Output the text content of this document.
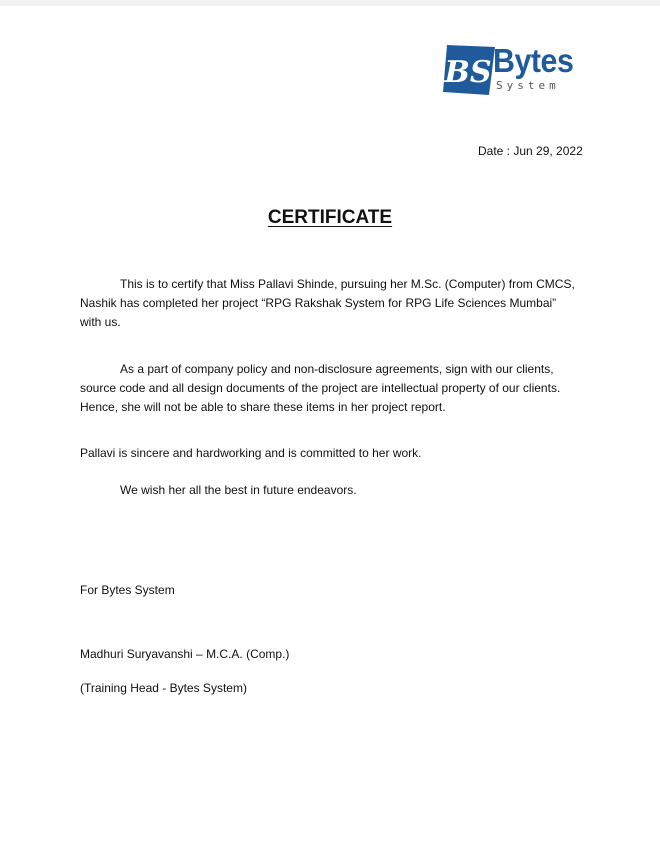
BS Bytes
System
Date : Jun 29, 2022
CERTIFICATE

This is to certify that Miss Pallavi Shinde, pursuing her M.Sc. (Computer) from CMCS, Nashik has completed her project “RPG Rakshak System for RPG Life Sciences Mumbai” with us.

As a part of company policy and non-disclosure agreements, sign with our clients, source code and all design documents of the project are intellectual property of our clients. Hence, she will not be able to share these items in her project report.

Pallavi is sincere and hardworking and is committed to her work.

We wish her all the best in future endeavors.

For Bytes System
Madhuri Suryavanshi – M.C.A. (Comp.)
(Training Head - Bytes System)
